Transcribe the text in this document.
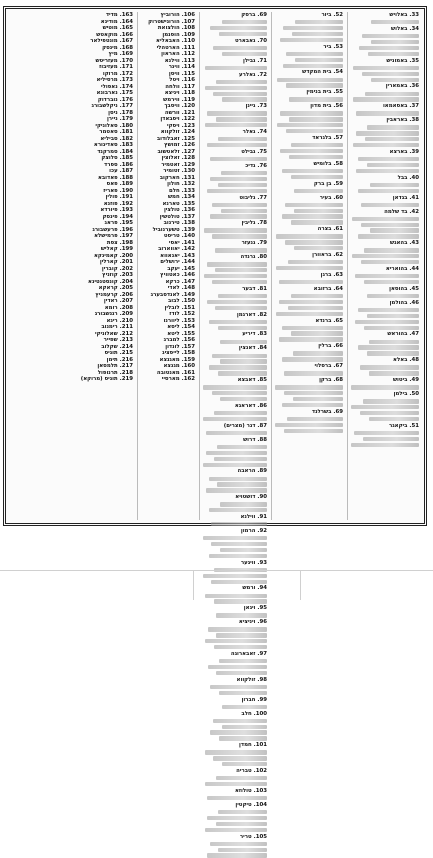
33.באלויש
34.באלוש
35.באמוניש
36.באמארין
37.באסאמאו
38.באראבין
39.בארצא
40.בבל
41.בגדאן
42.בד שלמה
43.בהאגש
44.בהואריא
45.בהוסאן
46.בהולמן
47.בהוראש
48.באלא
49.ביטוש
50.בילמן
51.ביקאגר
52.ביור
53.ביר
54.בית המקדש
55.בית בנימין
56.בית מדון
57.בלגראד
58.בלומיש
59.בן ברק
60.בעיר
61.בצרה
62.בראוורן
63.ברגן
64.ברזובא
65.ברנדא
66.ברלין
67.ברסלוי
68.ברקן
69.בשרלנד
69.ברסק
70.גאבארט
71.גבילן
72.גאלרע
73.גיינן
74.גאלר
75.גבילט
76.גדיכ
77.גליבוט
78.גליבין
79.גנעזר
80.גרנדה
81.דבער
82.דארגמן
83.דיריע
84.דאנצין
85.דאבצא
86.דאראגא
87.דגר (מצרים)
88.דרוש
89.הראבה
90.דושטויא
91.ווילנא
92.הרמון
93.וויגער
94.ורמש
95.ויגאן
96.ויניציא
97.זאבארוגה
98.זולקווא
99.חברון
100.חלב
101.חמדן
102.טבריה
103.טולוזא
104.טיקטין
105.טריר
106.הורוביץ
107.הורונישטרוק
108.הולצואת
109.הופנמן
110.האבאליא
111.הארטהלי
112.האראון
113.ווילנא
114.ווינר
115.וויסן
116.ויטל
117.וולחה
118.ויניצא
119.ווירמש
120.וויסבך
121.וורשה
122.ויסבאדן
123.ויסקי
124.זולקווא
125.זאבלודוב
126.זמושץ
127.זלאטשוב
128.זאלוצין
129.זאטמיר
130.זטומיר
131.חארקוב
132.חולון
133.חלם
134.חמש
135.טארנא
136.טולצין
137.טולטשין
138.טירנוב
139.טשערנוביל
140.טריסט
141.יאסי
142.יאווארוב
143.יאנאווא
144.ירושלים
145.יעקב
146.כאטוויץ
147.כרקא
148.לאדי
149.לאנדסבערג
150.לבוב
151.לובלין
152.לודז
153.ליוורנו
154.ליסא
155.ליטא
156.למברג
157.לונדון
158.לייפציג
159.מאגנצא
160.מגנצא
161.מאנטובה
162.מארסיי
163.מדיד
164.מודינא
165.מוטיש
166.מוקאטש
167.מונטפילאר
168.מינסק
169.מיץ
170.מעזריטש
171.מעזיבוז
172.מרוקו
173.מרסיליא
174.נאפולי
175.נארבונא
176.נוברדוק
177.ניקלשבורג
178.ניסן
179.ניירן
180.סאלוניקי
181.סאטמר
182.סביליא
183.סאדיגורא
184.סמרקנד
185.סלוצק
186.ספרד
187.עכו
188.פאדובא
189.פאס
190.פאריז
191.פולין
192.פוזנא
193.פיורדא
194.פינסק
195.פראג
196.פרעשבורג
197.פרמישלא
198.צפת
199.קאליש
200.קאמינקא
201.קארלין
202.קוברין
203.קוזניץ
204.קונסטנטינא
205.קראקא
206.קרעמניץ
207.ראדין
208.רומא
209.רגנשבורג
210.ריגא
211.רימנוב
212.שאלוניקי
213.שפייר
214.שקלוב
215.תוניס
216.תימן
217.תלמסאן
218.תרנופול
219.תוניס (מרוקא)
